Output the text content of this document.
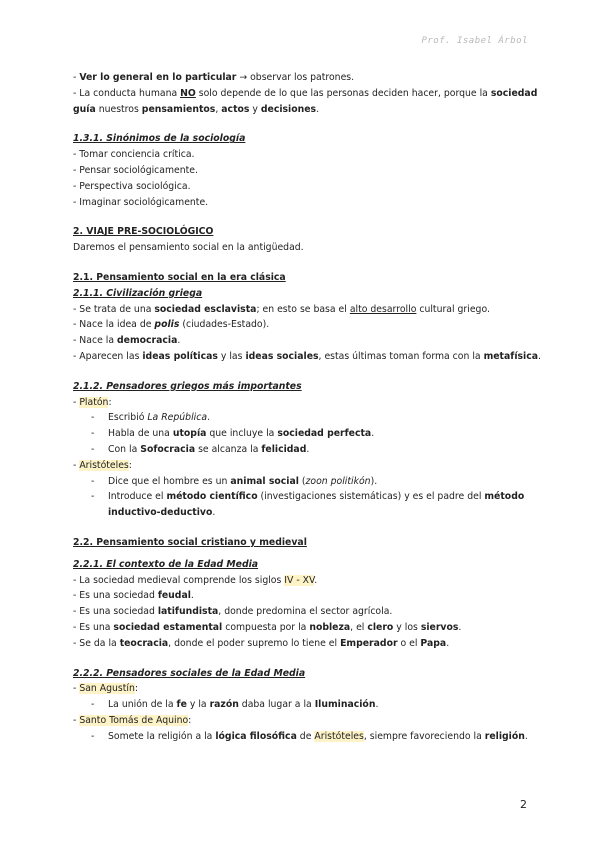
Prof. Isabel Árbol
- Ver lo general en lo particular → observar los patrones.
- La conducta humana NO solo depende de lo que las personas deciden hacer, porque la sociedad
guía nuestros pensamientos, actos y decisiones.
1.3.1. Sinónimos de la sociología
- Tomar conciencia crítica.
- Pensar sociológicamente.
- Perspectiva sociológica.
- Imaginar sociológicamente.
2. VIAJE PRE-SOCIOLÓGICO
Daremos el pensamiento social en la antigüedad.
2.1. Pensamiento social en la era clásica
2.1.1. Civilización griega
- Se trata de una sociedad esclavista; en esto se basa el alto desarrollo cultural griego.
- Nace la idea de polis (ciudades-Estado).
- Nace la democracia.
- Aparecen las ideas políticas y las ideas sociales, estas últimas toman forma con la metafísica.
2.1.2. Pensadores griegos más importantes
- Platón:
-	Escribió La República.
-	Habla de una utopía que incluye la sociedad perfecta.
-	Con la Sofocracia se alcanza la felicidad.
- Aristóteles:
-	Dice que el hombre es un animal social (zoon politikón).
-	Introduce el método científico (investigaciones sistemáticas) y es el padre del método inductivo-deductivo.
2.2. Pensamiento social cristiano y medieval
2.2.1. El contexto de la Edad Media
- La sociedad medieval comprende los siglos IV - XV.
- Es una sociedad feudal.
- Es una sociedad latifundista, donde predomina el sector agrícola.
- Es una sociedad estamental compuesta por la nobleza, el clero y los siervos.
- Se da la teocracia, donde el poder supremo lo tiene el Emperador o el Papa.
2.2.2. Pensadores sociales de la Edad Media
- San Agustín:
-	La unión de la fe y la razón daba lugar a la Iluminación.
- Santo Tomás de Aquino:
-	Somete la religión a la lógica filosófica de Aristóteles, siempre favoreciendo la religión.
2
